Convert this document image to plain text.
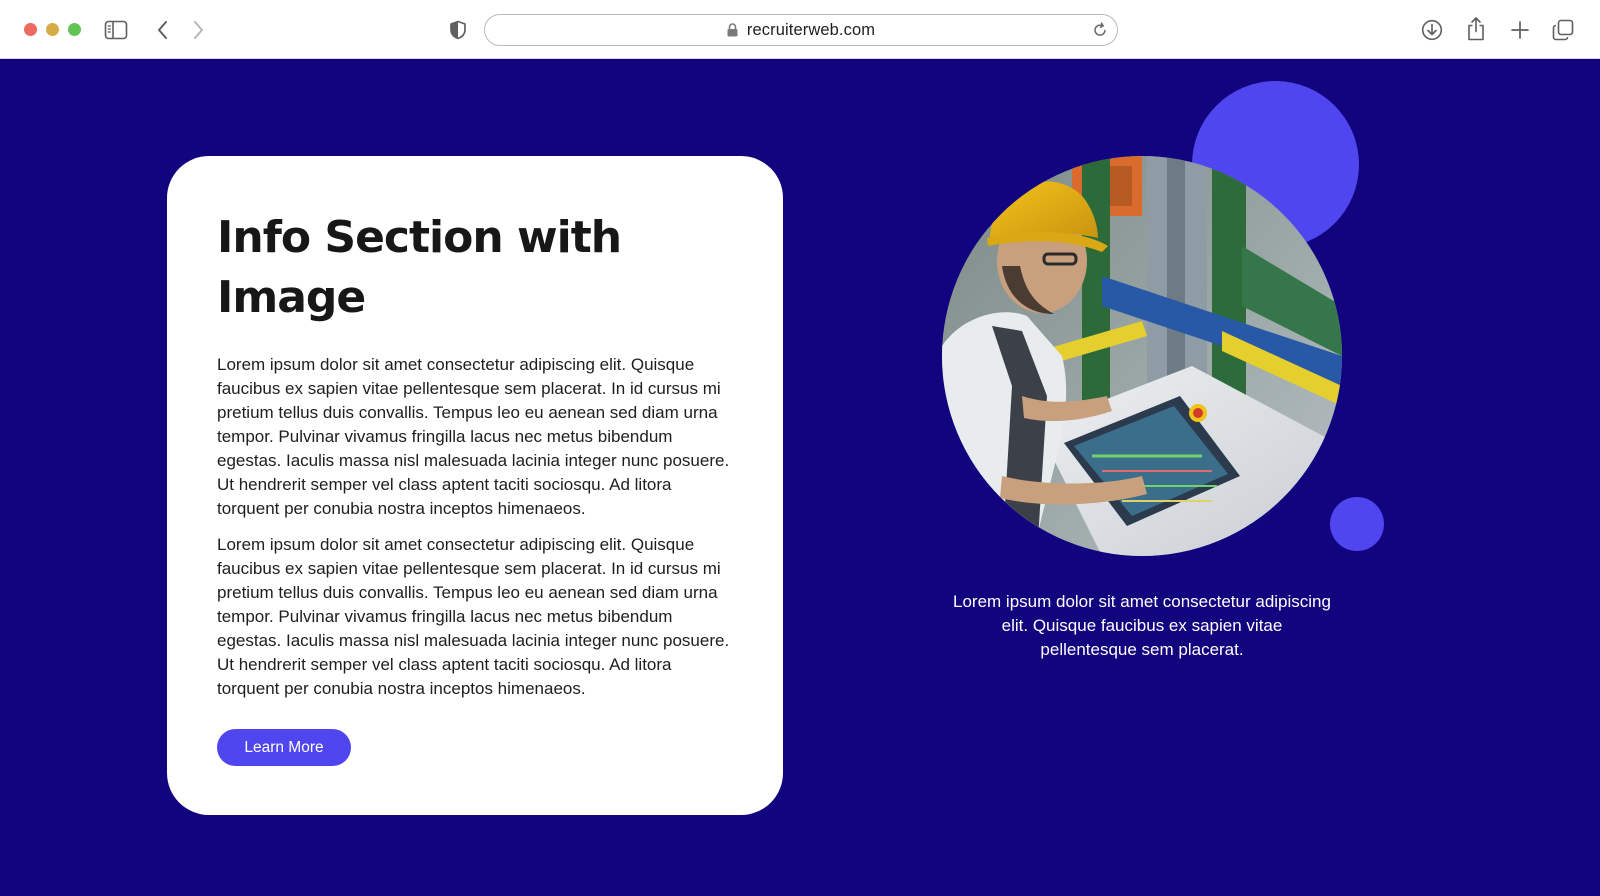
recruiterweb.com
Info Section with Image

Lorem ipsum dolor sit amet consectetur adipiscing elit. Quisque faucibus ex sapien vitae pellentesque sem placerat. In id cursus mi pretium tellus duis convallis. Tempus leo eu aenean sed diam urna tempor. Pulvinar vivamus fringilla lacus nec metus bibendum egestas. Iaculis massa nisl malesuada lacinia integer nunc posuere. Ut hendrerit semper vel class aptent taciti sociosqu. Ad litora torquent per conubia nostra inceptos himenaeos.

Lorem ipsum dolor sit amet consectetur adipiscing elit. Quisque faucibus ex sapien vitae pellentesque sem placerat. In id cursus mi pretium tellus duis convallis. Tempus leo eu aenean sed diam urna tempor. Pulvinar vivamus fringilla lacus nec metus bibendum egestas. Iaculis massa nisl malesuada lacinia integer nunc posuere. Ut hendrerit semper vel class aptent taciti sociosqu. Ad litora torquent per conubia nostra inceptos himenaeos.

Learn More

Lorem ipsum dolor sit amet consectetur adipiscing elit. Quisque faucibus ex sapien vitae pellentesque sem placerat.
